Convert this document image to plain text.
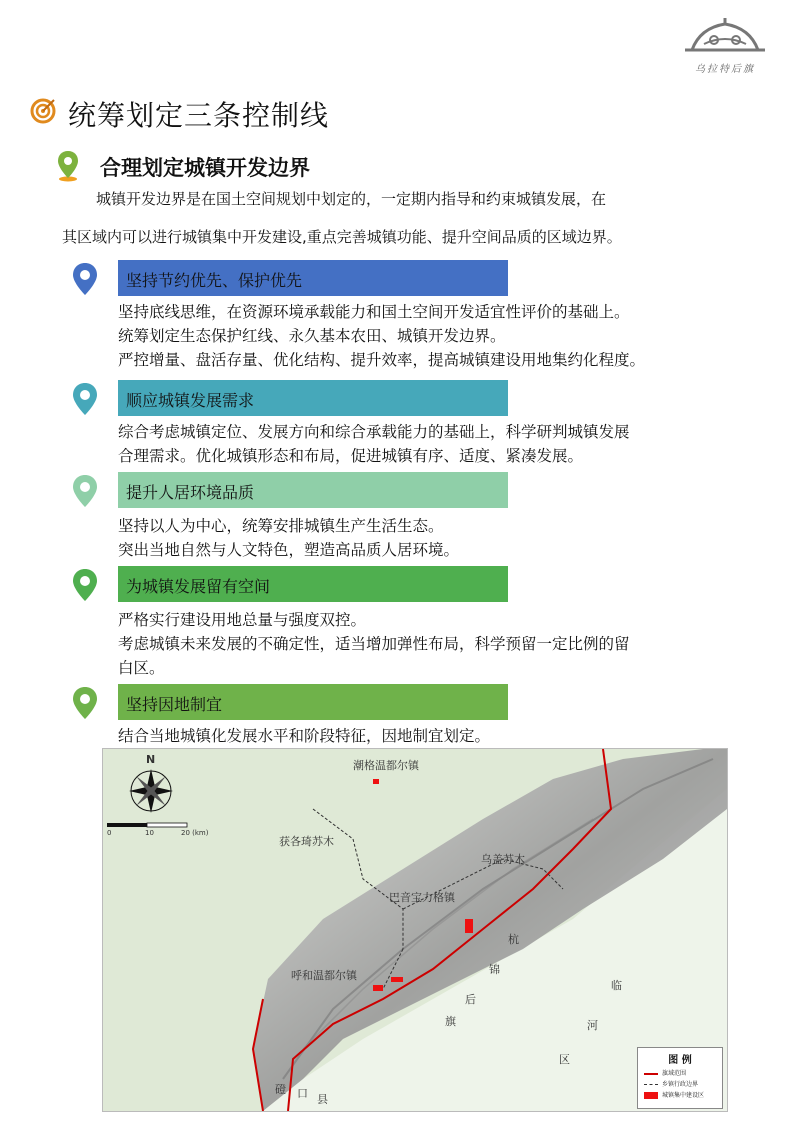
乌拉特后旗
统筹划定三条控制线
合理划定城镇开发边界
城镇开发边界是在国土空间规划中划定的，一定期内指导和约束城镇发展，在
其区域内可以进行城镇集中开发建设,重点完善城镇功能、提升空间品质的区域边界。
坚持节约优先、保护优先
坚持底线思维，在资源环境承载能力和国土空间开发适宜性评价的基础上。
统筹划定生态保护红线、永久基本农田、城镇开发边界。
严控增量、盘活存量、优化结构、提升效率，提高城镇建设用地集约化程度。
顺应城镇发展需求
综合考虑城镇定位、发展方向和综合承载能力的基础上，科学研判城镇发展
合理需求。优化城镇形态和布局，促进城镇有序、适度、紧凑发展。
提升人居环境品质
坚持以人为中心，统筹安排城镇生产生活生态。
突出当地自然与人文特色，塑造高品质人居环境。
为城镇发展留有空间
严格实行建设用地总量与强度双控。
考虑城镇未来发展的不确定性，适当增加弹性布局，科学预留一定比例的留
白区。
坚持因地制宜
结合当地城镇化发展水平和阶段特征，因地制宜划定。
N
0	10	20 (km)
潮格温都尔镇
获各琦苏木
乌盖苏木
巴音宝力格镇
呼和温都尔镇
杭
锦
后
旗
临
河
区
磴 口 县
图 例
旗域范围
乡镇行政边界
城镇集中建设区
